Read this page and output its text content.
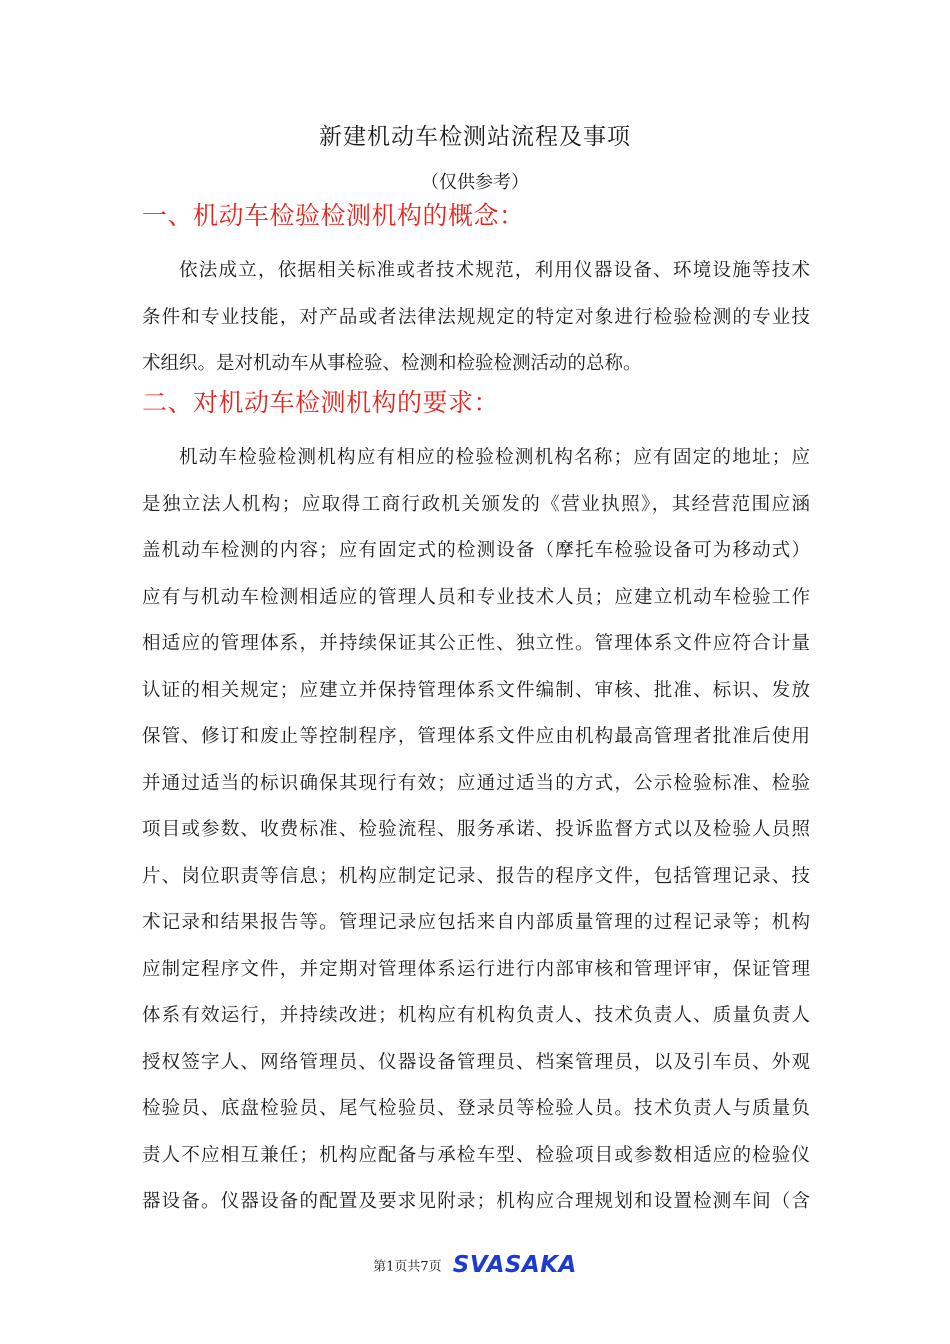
新建机动车检测站流程及事项
（仅供参考）
一、机动车检验检测机构的概念：
依法成立，依据相关标准或者技术规范，利用仪器设备、环境设施等技术
条件和专业技能，对产品或者法律法规规定的特定对象进行检验检测的专业技
术组织。是对机动车从事检验、检测和检验检测活动的总称。
二、对机动车检测机构的要求：
机动车检验检测机构应有相应的检验检测机构名称；应有固定的地址；应
是独立法人机构；应取得工商行政机关颁发的《营业执照》，其经营范围应涵
盖机动车检测的内容；应有固定式的检测设备（摩托车检验设备可为移动式）
应有与机动车检测相适应的管理人员和专业技术人员；应建立机动车检验工作
相适应的管理体系，并持续保证其公正性、独立性。管理体系文件应符合计量
认证的相关规定；应建立并保持管理体系文件编制、审核、批准、标识、发放
保管、修订和废止等控制程序，管理体系文件应由机构最高管理者批准后使用
并通过适当的标识确保其现行有效；应通过适当的方式，公示检验标准、检验
项目或参数、收费标准、检验流程、服务承诺、投诉监督方式以及检验人员照
片、岗位职责等信息；机构应制定记录、报告的程序文件，包括管理记录、技
术记录和结果报告等。管理记录应包括来自内部质量管理的过程记录等；机构
应制定程序文件，并定期对管理体系运行进行内部审核和管理评审，保证管理
体系有效运行，并持续改进；机构应有机构负责人、技术负责人、质量负责人
授权签字人、网络管理员、仪器设备管理员、档案管理员，以及引车员、外观
检验员、底盘检验员、尾气检验员、登录员等检验人员。技术负责人与质量负
责人不应相互兼任；机构应配备与承检车型、检验项目或参数相适应的检验仪
器设备。仪器设备的配置及要求见附录；机构应合理规划和设置检测车间（含
第1页共7页 SVASAKA
